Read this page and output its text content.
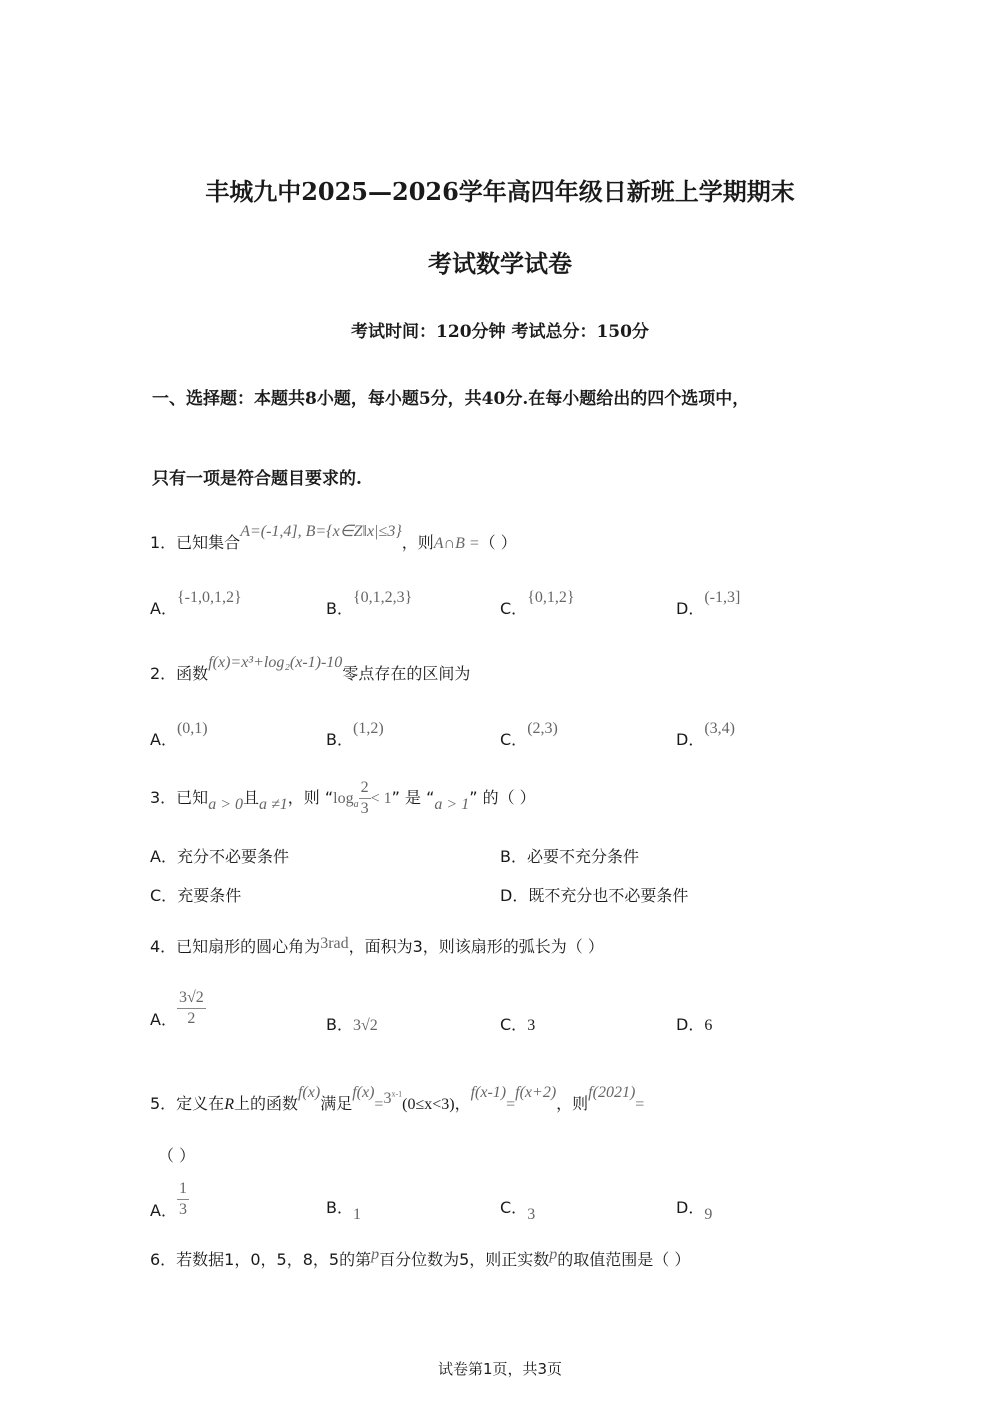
丰城九中2025—2026学年高四年级日新班上学期期末
考试数学试卷
考试时间：120分钟 考试总分：150分
一、选择题：本题共8小题，每小题5分，共40分.在每小题给出的四个选项中，
只有一项是符合题目要求的.
1．已知集合A=(-1,4], B={x∈Z‖x|≤3}，则A∩B =（ ）
A．{-1,0,1,2}
B．{0,1,2,3}
C．{0,1,2}
D．(-1,3]
2．函数f(x)=x³+log₂(x-1)-10零点存在的区间为
A．(0,1)
B．(1,2)
C．(2,3)
D．(3,4)
3．已知a > 0且a ≠1，则 “$\log_a \frac{2}{3} < 1$” 是 “a > 1” 的（ ）
A．充分不必要条件	B．必要不充分条件
C．充要条件	D．既不充分也不必要条件
4．已知扇形的圆心角为3rad，面积为3，则该扇形的弧长为（ ）
A． $\frac{3√2}{2}$	B．3√2	C．3	D．6
5．定义在R上的函数f(x)满足$f(x)=3^{x-1}(0\le x<3)$，f(x-1)=f(x+2)，则f(2021)=
（ ）
A． $\frac{1}{3}$	B．1	C．3	D．9
6．若数据1，0，5，8，5的第p百分位数为5，则正实数p的取值范围是（ ）
试卷第1页，共3页
